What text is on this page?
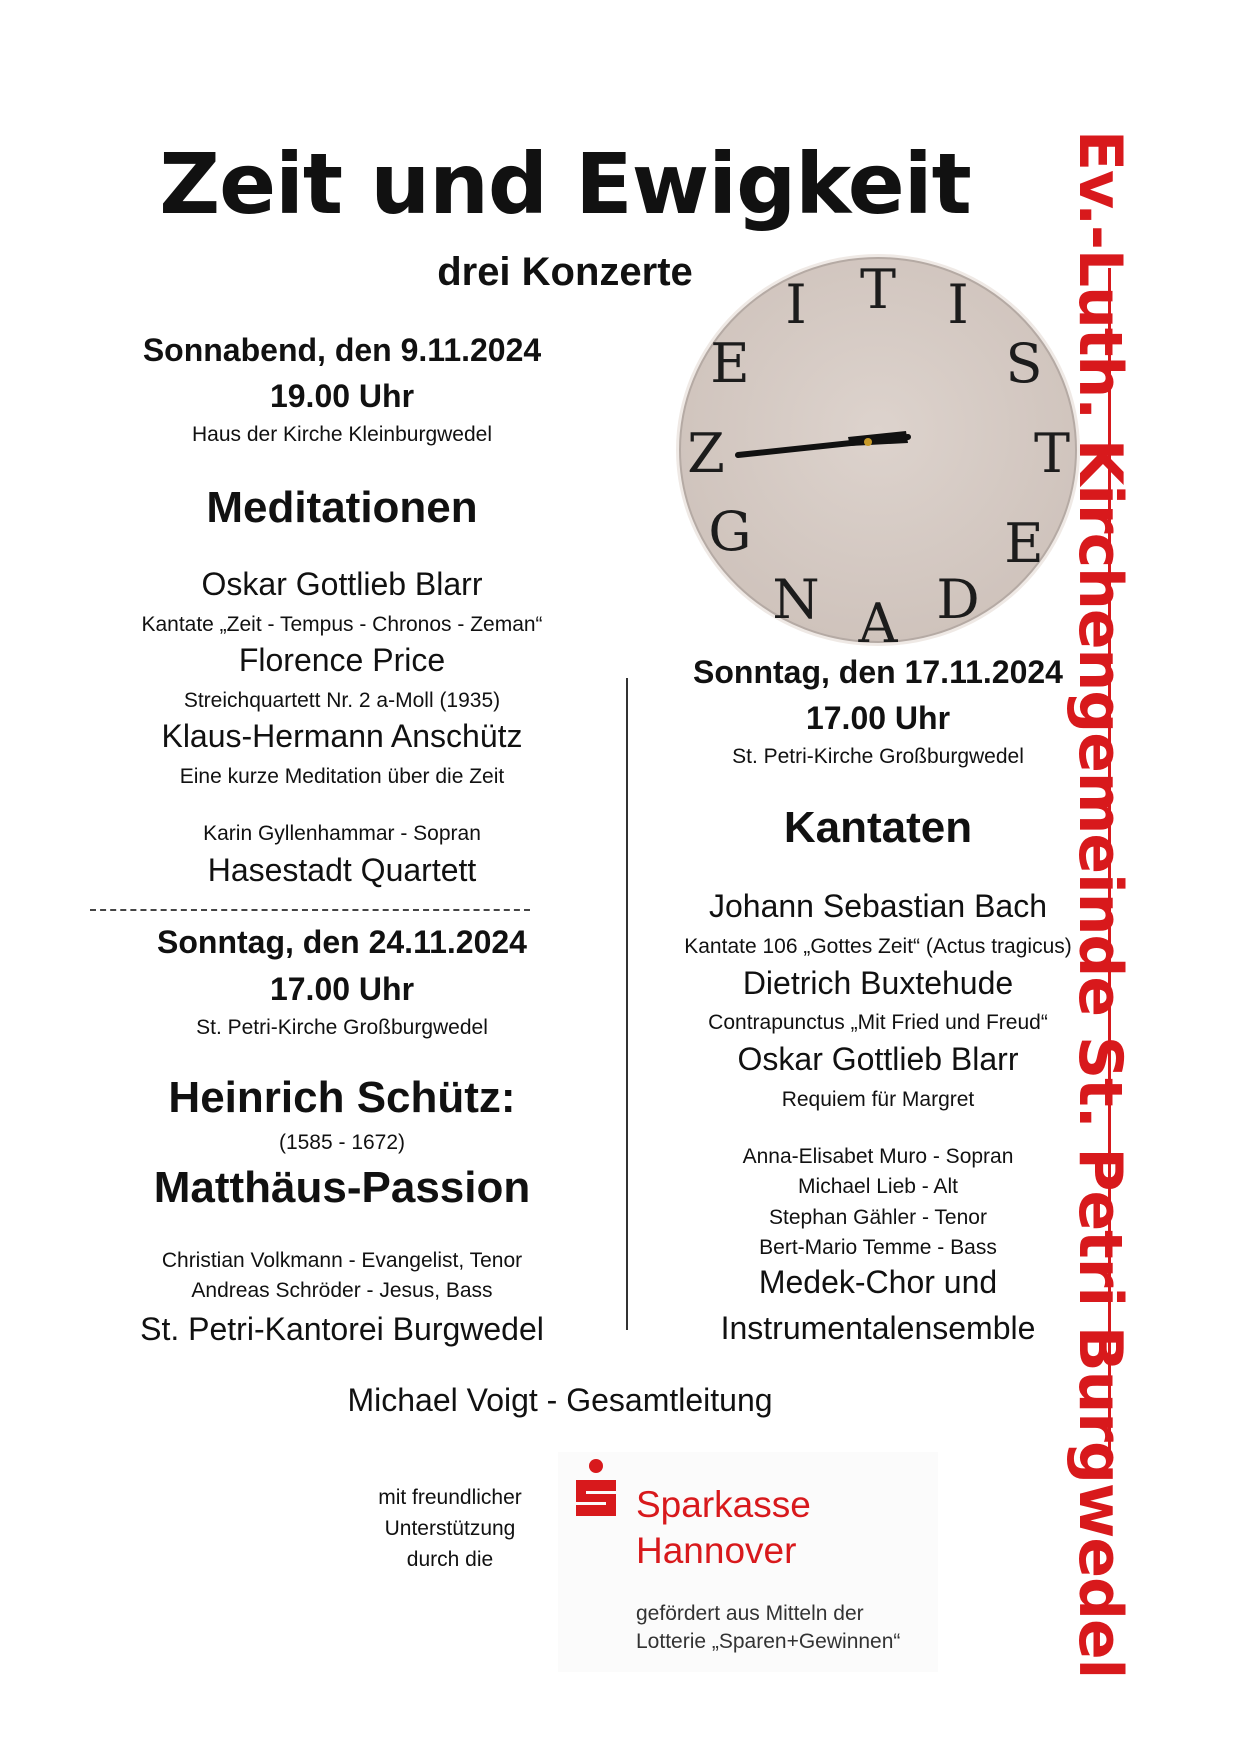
Zeit und Ewigkeit
drei Konzerte
Sonnabend, den 9.11.2024
19.00 Uhr
Haus der Kirche Kleinburgwedel
Meditationen
Oskar Gottlieb Blarr
Kantate „Zeit - Tempus - Chronos - Zeman“
Florence Price
Streichquartett Nr. 2 a-Moll (1935)
Klaus-Hermann Anschütz
Eine kurze Meditation über die Zeit
Karin Gyllenhammar - Sopran
Hasestadt Quartett
Sonntag, den 24.11.2024
17.00 Uhr
St. Petri-Kirche Großburgwedel
Heinrich Schütz:
(1585 - 1672)
Matthäus-Passion
Christian Volkmann - Evangelist, Tenor
Andreas Schröder - Jesus, Bass
St. Petri-Kantorei Burgwedel
Z
E
I T I
S
T
E
D
A
N
G
Sonntag, den 17.11.2024
17.00 Uhr
St. Petri-Kirche Großburgwedel
Kantaten
Johann Sebastian Bach
Kantate 106 „Gottes Zeit“ (Actus tragicus)
Dietrich Buxtehude
Contrapunctus „Mit Fried und Freud“
Oskar Gottlieb Blarr
Requiem für Margret
Anna-Elisabet Muro - Sopran
Michael Lieb - Alt
Stephan Gähler - Tenor
Bert-Mario Temme - Bass
Medek-Chor und
Instrumentalensemble
Michael Voigt - Gesamtleitung
mit freundlicher
Unterstützung
durch die
Sparkasse
Hannover
gefördert aus Mitteln der
Lotterie „Sparen+Gewinnen“	Ev.-Luth. Kirchengemeinde St. Petri Burgwedel
